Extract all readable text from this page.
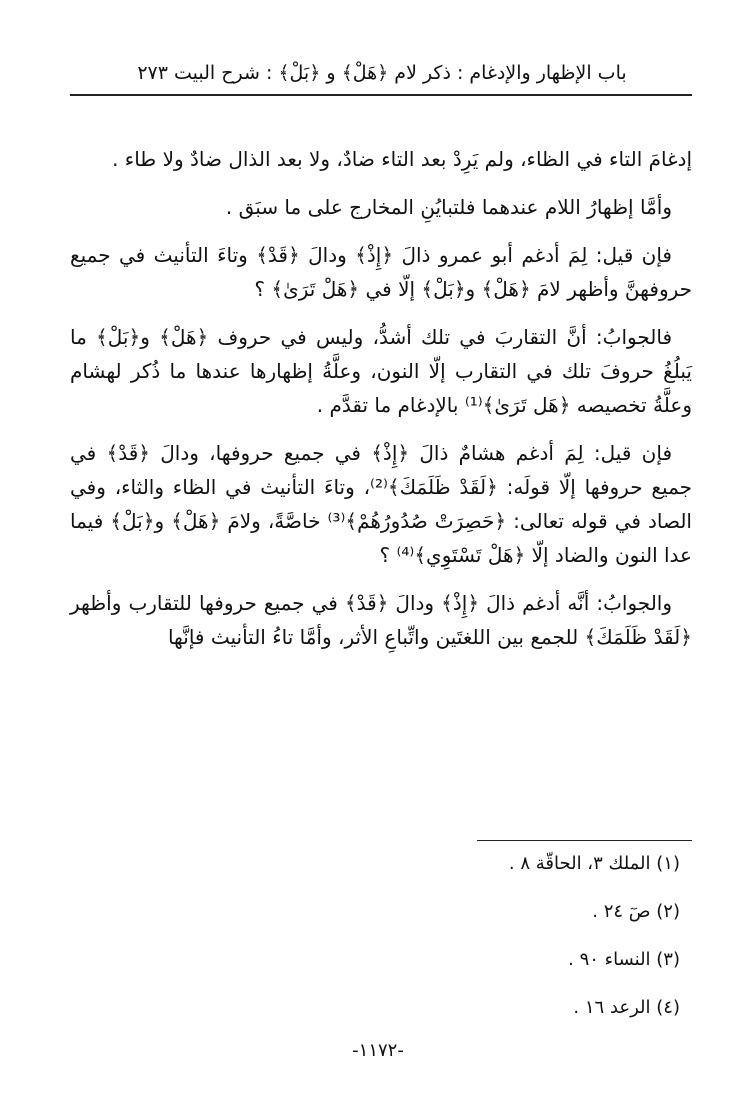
باب الإظهار والإدغام : ذكر لام ﴿هَلْ﴾ و ﴿بَلْ﴾ : شرح البيت ٢٧٣

إدغامَ التاء في الظاء، ولم يَرِدْ بعد التاء ضادٌ، ولا بعد الذال ضادٌ ولا طاء .

وأمَّا إظهارُ اللام عندهما فلتبايُنِ المخارج على ما سبَق .

فإن قيل: لِمَ أدغم أبو عمرو ذالَ ﴿إِذْ﴾ ودالَ ﴿قَدْ﴾ وتاءَ التأنيث في جميع حروفهنَّ وأظهر لامَ ﴿هَلْ﴾ و﴿بَلْ﴾ إلّا في ﴿هَلْ تَرَىٰ﴾ ؟

فالجوابُ: أنَّ التقاربَ في تلك أشدُّ، وليس في حروف ﴿هَلْ﴾ و﴿بَلْ﴾ ما يَبلُغُ حروفَ تلك في التقارب إلّا النون، وعلَّةُ إظهارها عندها ما ذُكر لهشام وعلَّةُ تخصيصه ﴿هَل تَرَىٰ﴾⁽¹⁾ بالإدغام ما تقدَّم .

فإن قيل: لِمَ أدغم هشامٌ ذالَ ﴿إِذْ﴾ في جميع حروفها، ودالَ ﴿قَدْ﴾ في جميع حروفها إلّا قولَه: ﴿لَقَدْ ظَلَمَكَ﴾⁽²⁾، وتاءَ التأنيث في الظاء والثاء، وفي الصاد في قوله تعالى: ﴿حَصِرَتْ صُدُورُهُمْ﴾⁽³⁾ خاصَّةً، ولامَ ﴿هَلْ﴾ و﴿بَلْ﴾ فيما عدا النون والضاد إلّا ﴿هَلْ تَسْتَوِي﴾⁽⁴⁾ ؟

والجوابُ: أنَّه أدغم ذالَ ﴿إِذْ﴾ ودالَ ﴿قَدْ﴾ في جميع حروفها للتقارب وأظهر ﴿لَقَدْ ظَلَمَكَ﴾ للجمع بين اللغتَين واتِّباعِ الأثر، وأمَّا تاءُ التأنيث فإنَّها

(١) الملك ٣، الحاقّة ٨ .
(٢) صٓ ٢٤ .
(٣) النساء ٩٠ .
(٤) الرعد ١٦ .
-١١٧٢-
